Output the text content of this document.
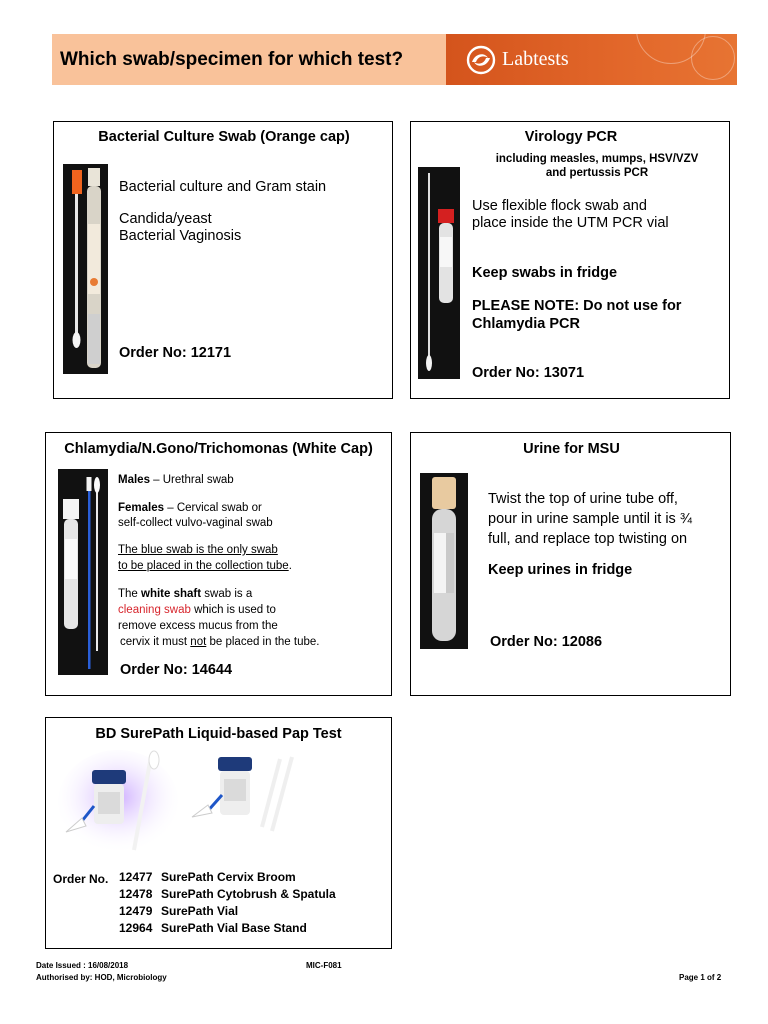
Which swab/specimen for which test?	Labtests
Bacterial Culture Swab (Orange cap)
Bacterial culture and Gram stain
Candida/yeast
Bacterial Vaginosis
Order No: 12171
Virology PCR
including measles, mumps, HSV/VZV
and pertussis PCR
Use flexible flock swab and
place inside the UTM PCR vial
Keep swabs in fridge
PLEASE NOTE: Do not use for
Chlamydia PCR
Order No: 13071
Chlamydia/N.Gono/Trichomonas (White Cap)
Males – Urethral swab
Females – Cervical swab or
self-collect vulvo-vaginal swab
The blue swab is the only swab
to be placed in the collection tube.
The white shaft swab is a
cleaning swab which is used to
remove excess mucus from the
cervix it must not be placed in the tube.
Order No: 14644
Urine for MSU
Twist the top of urine tube off,
pour in urine sample until it is ¾
full, and replace top twisting on
Keep urines in fridge
Order No: 12086
BD SurePath Liquid-based Pap Test
Order No. 12477 SurePath Cervix Broom
12478 SurePath Cytobrush & Spatula
12479 SurePath Vial
12964 SurePath Vial Base Stand
Date Issued : 16/08/2018
Authorised by: HOD, Microbiology
MIC-F081
Page 1 of 2
